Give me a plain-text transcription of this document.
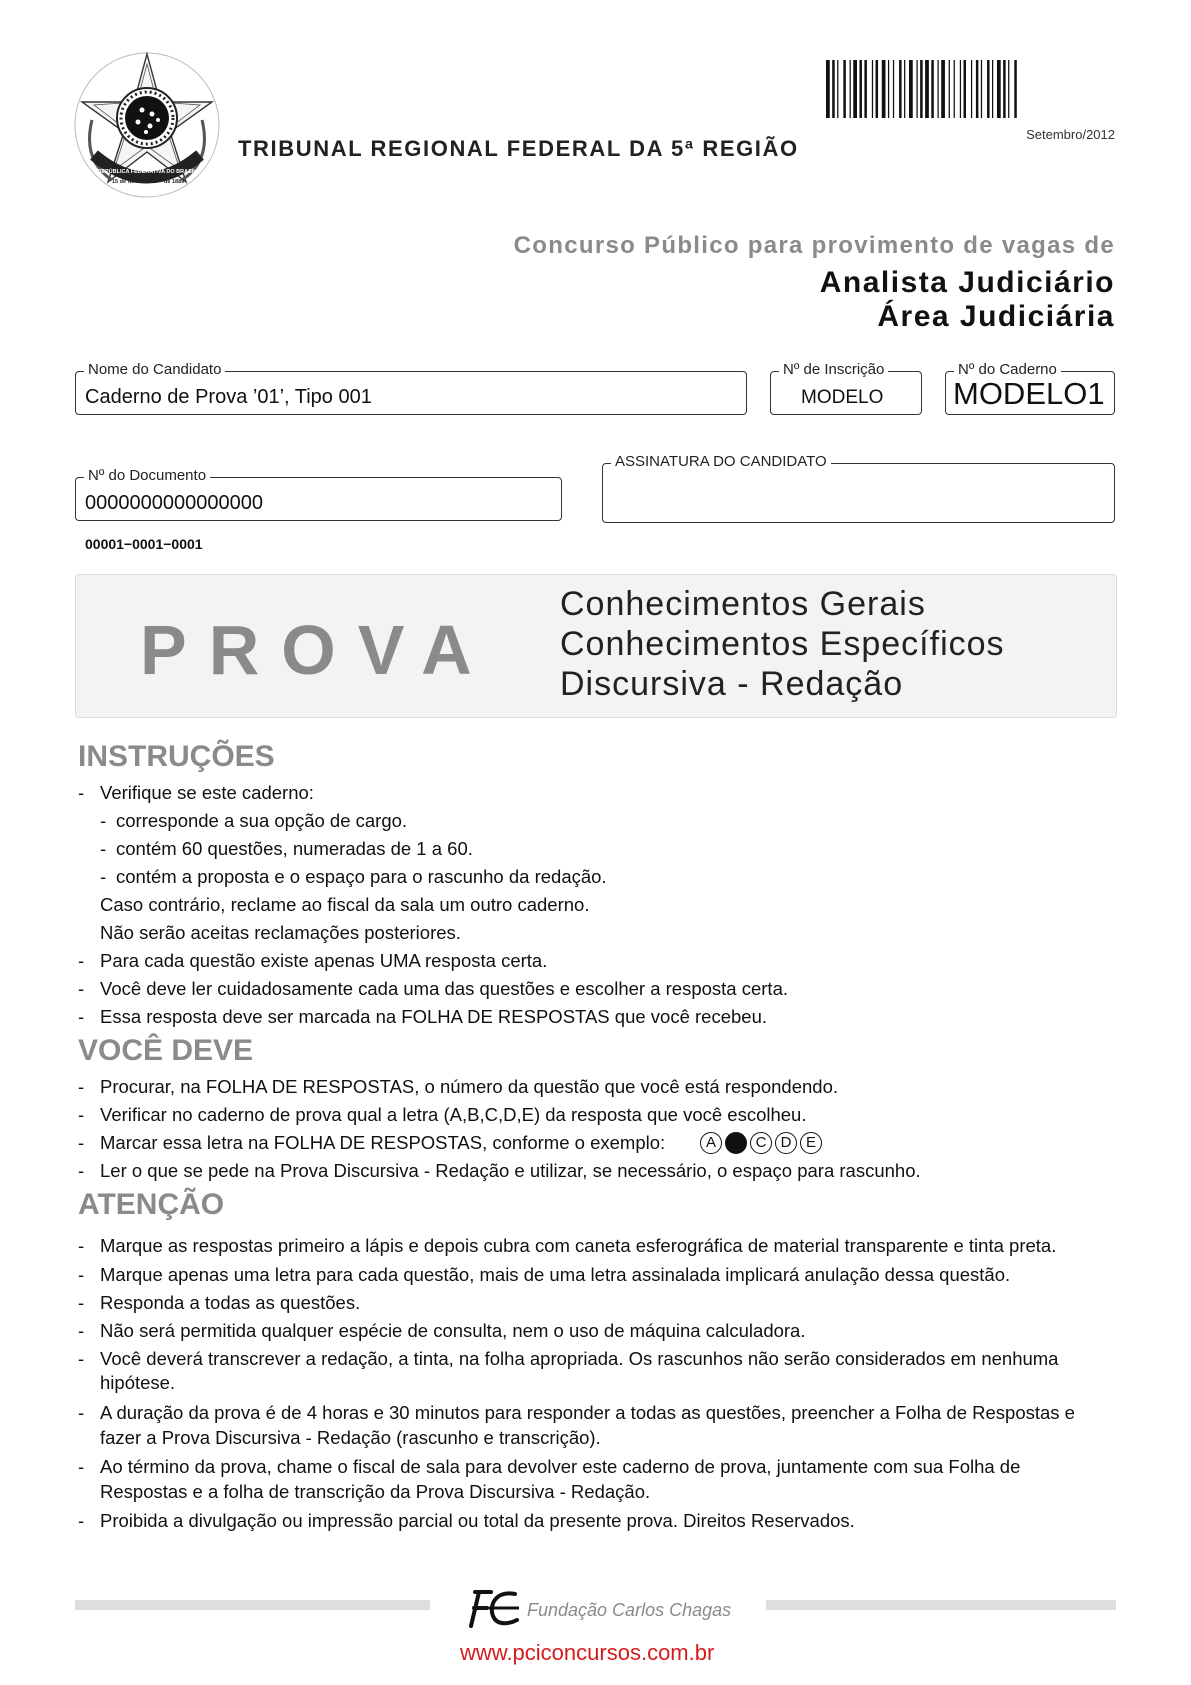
REPÚBLICA FEDERATIVA DO BRASIL
15 de Novembro de 1889
TRIBUNAL REGIONAL FEDERAL DA 5ª REGIÃO
Setembro/2012
Concurso Público para provimento de vagas de
Analista Judiciário
Área Judiciária
Nome do Candidato
Caderno de Prova ’01’, Tipo 001
Nº de Inscrição
MODELO
Nº do Caderno
MODELO1
Nº do Documento
0000000000000000
ASSINATURA DO CANDIDATO
00001−0001−0001
PROVA
Conhecimentos Gerais
Conhecimentos Específicos
Discursiva - Redação
INSTRUÇÕES
- Verifique se este caderno:
- corresponde a sua opção de cargo.
- contém 60 questões, numeradas de 1 a 60.
- contém a proposta e o espaço para o rascunho da redação.
Caso contrário, reclame ao fiscal da sala um outro caderno.
Não serão aceitas reclamações posteriores.
- Para cada questão existe apenas UMA resposta certa.
- Você deve ler cuidadosamente cada uma das questões e escolher a resposta certa.
- Essa resposta deve ser marcada na FOLHA DE RESPOSTAS que você recebeu.
VOCÊ DEVE
- Procurar, na FOLHA DE RESPOSTAS, o número da questão que você está respondendo.
- Verificar no caderno de prova qual a letra (A,B,C,D,E) da resposta que você escolheu.
- Marcar essa letra na FOLHA DE RESPOSTAS, conforme o exemplo:	A	C D E
- Ler o que se pede na Prova Discursiva - Redação e utilizar, se necessário, o espaço para rascunho.
ATENÇÃO
- Marque as respostas primeiro a lápis e depois cubra com caneta esferográfica de material transparente e tinta preta.
- Marque apenas uma letra para cada questão, mais de uma letra assinalada implicará anulação dessa questão.
- Responda a todas as questões.
- Não será permitida qualquer espécie de consulta, nem o uso de máquina calculadora.
- Você deverá transcrever a redação, a tinta, na folha apropriada. Os rascunhos não serão considerados em nenhuma
hipótese.
- A duração da prova é de 4 horas e 30 minutos para responder a todas as questões, preencher a Folha de Respostas e
fazer a Prova Discursiva - Redação (rascunho e transcrição).
- Ao término da prova, chame o fiscal de sala para devolver este caderno de prova, juntamente com sua Folha de
Respostas e a folha de transcrição da Prova Discursiva - Redação.
- Proibida a divulgação ou impressão parcial ou total da presente prova. Direitos Reservados.
Fundação Carlos Chagas
www.pciconcursos.com.br
